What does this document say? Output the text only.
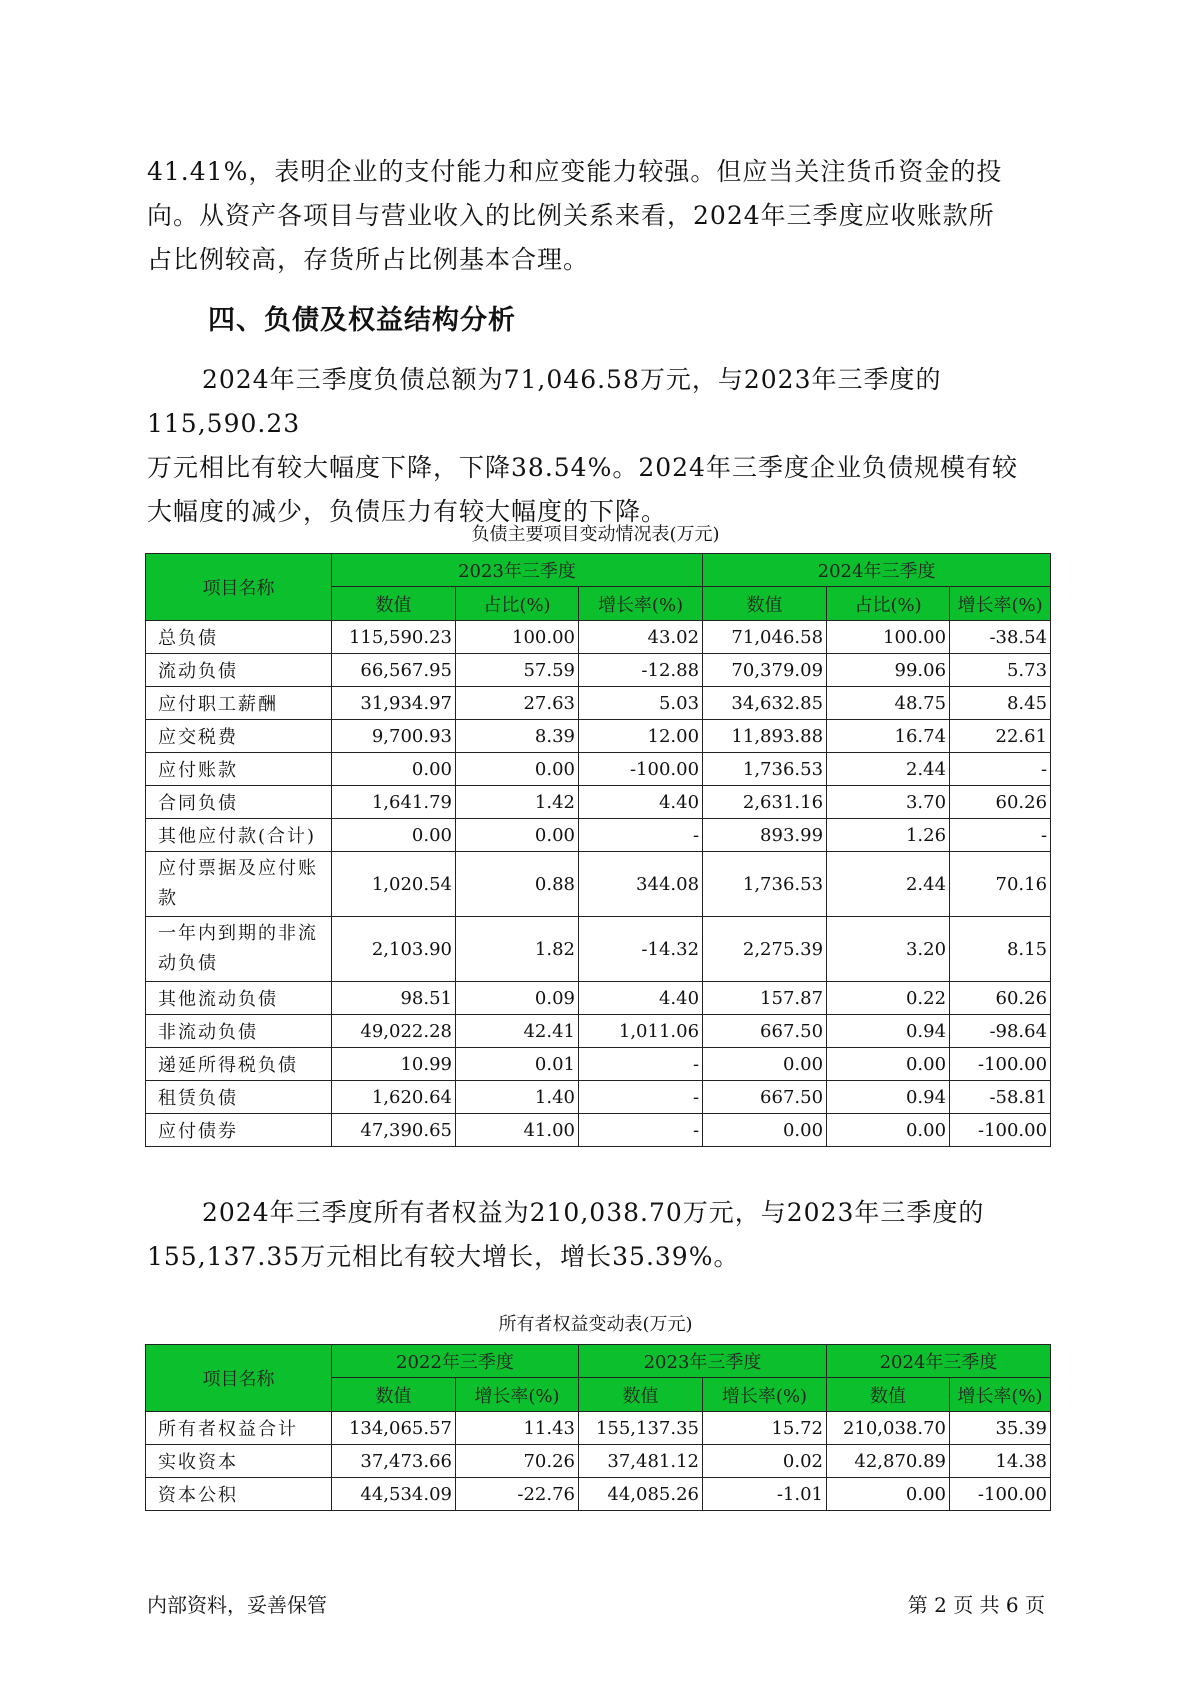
41.41%，表明企业的支付能力和应变能力较强。但应当关注货币资金的投

向。从资产各项目与营业收入的比例关系来看，2024年三季度应收账款所

占比例较高，存货所占比例基本合理。

四、负债及权益结构分析

2024年三季度负债总额为71,046.58万元，与2023年三季度的115,590.23

万元相比有较大幅度下降，下降38.54%。2024年三季度企业负债规模有较

大幅度的减少，负债压力有较大幅度的下降。

负债主要项目变动情况表(万元)
项目名称	2023年三季度			2024年三季度		
	数值	占比(%)	增长率(%)	数值	占比(%)	增长率(%)
总负债	115,590.23	100.00	43.02	71,046.58	100.00	-38.54
流动负债	66,567.95	57.59	-12.88	70,379.09	99.06	5.73
应付职工薪酬	31,934.97	27.63	5.03	34,632.85	48.75	8.45
应交税费	9,700.93	8.39	12.00	11,893.88	16.74	22.61
应付账款	0.00	0.00	-100.00	1,736.53	2.44	-
合同负债	1,641.79	1.42	4.40	2,631.16	3.70	60.26
其他应付款(合计)	0.00	0.00	-	893.99	1.26	-
应付票据及应付账款	1,020.54	0.88	344.08	1,736.53	2.44	70.16
一年内到期的非流动负债	2,103.90	1.82	-14.32	2,275.39	3.20	8.15
其他流动负债	98.51	0.09	4.40	157.87	0.22	60.26
非流动负债	49,022.28	42.41	1,011.06	667.50	0.94	-98.64
递延所得税负债	10.99	0.01	-	0.00	0.00	-100.00
租赁负债	1,620.64	1.40	-	667.50	0.94	-58.81
应付债券	47,390.65	41.00	-	0.00	0.00	-100.00

2024年三季度所有者权益为210,038.70万元，与2023年三季度的

155,137.35万元相比有较大增长，增长35.39%。

所有者权益变动表(万元)
项目名称	2022年三季度		2023年三季度		2024年三季度	
	数值	增长率(%)	数值	增长率(%)	数值	增长率(%)
所有者权益合计	134,065.57	11.43	155,137.35	15.72	210,038.70	35.39
实收资本	37,473.66	70.26	37,481.12	0.02	42,870.89	14.38
资本公积	44,534.09	-22.76	44,085.26	-1.01	0.00	-100.00
内部资料，妥善保管	第 2 页 共 6 页
